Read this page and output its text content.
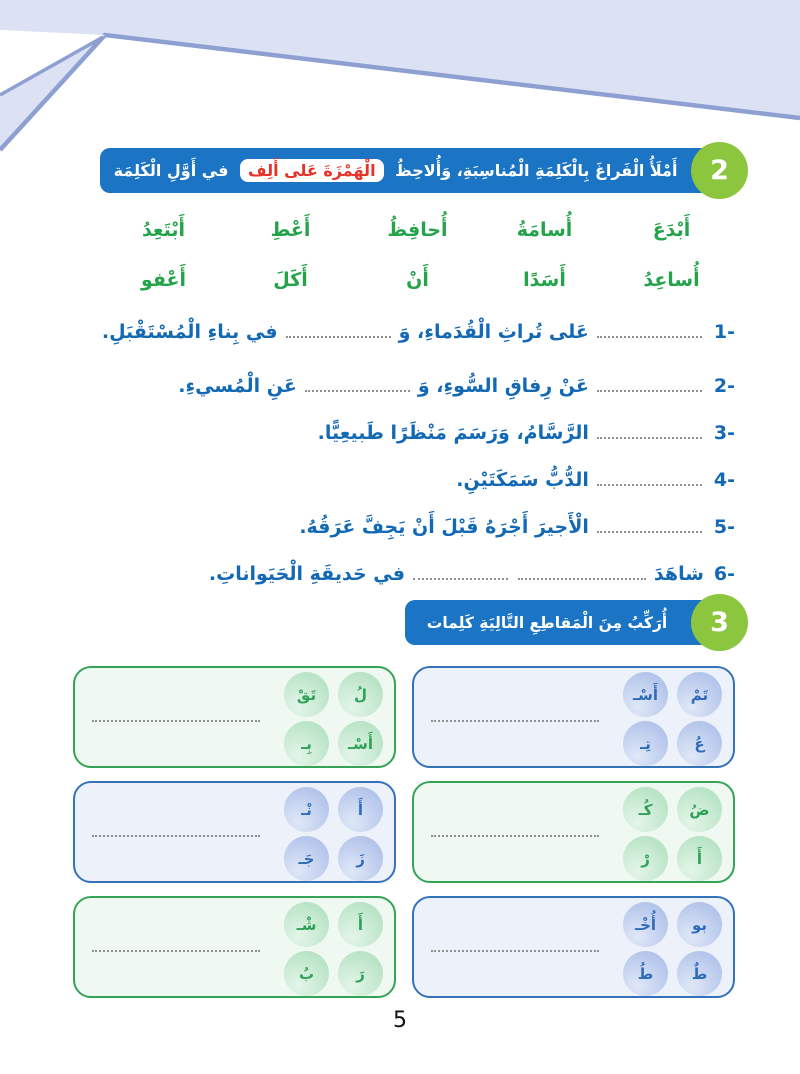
2
أَمْلَأُ الْفَراغَ بِالْكَلِمَةِ الْمُناسِبَةِ، وَأُلاحِظُ الْهَمْزَةَ عَلى أَلِف في أَوَّلِ الْكَلِمَة
أَبْدَعَ
أُسامَةُ
أُحافِظُ
أَعْطِ
أَبْتَعِدُ
أُساعِدُ
أَسَدًا
أَنْ
أَكَلَ
أَعْفو
1-عَلى تُراثِ الْقُدَماءِ، وَفي بِناءِ الْمُسْتَقْبَلِ.
2-عَنْ رِفاقِ السُّوءِ، وَعَنِ الْمُسيءِ.
3-الرَّسَّامُ، وَرَسَمَ مَنْظَرًا طَبيعِيًّا.
4-الدُّبُّ سَمَكَتَيْنِ.
5-الْأَجيرَ أَجْرَهُ قَبْلَ أَنْ يَجِفَّ عَرَقُهُ.
6-شاهَدَفي حَديقَةِ الْحَيَواناتِ.
3
أُرَكِّبُ مِنَ الْمَقاطِعِ التَّالِيَةِ كَلِمات
تَمْ
أَسْـ
عُ
تِـ
لُ
تَقْ
أَسْـ
بِـ
ضُ
كُـ
أَ
رْ
أَ
نْـ
زَ
جَـ
بو
أُخْـ
طٌ
طُ
أَ
شْـ
رَ
بُ
5
